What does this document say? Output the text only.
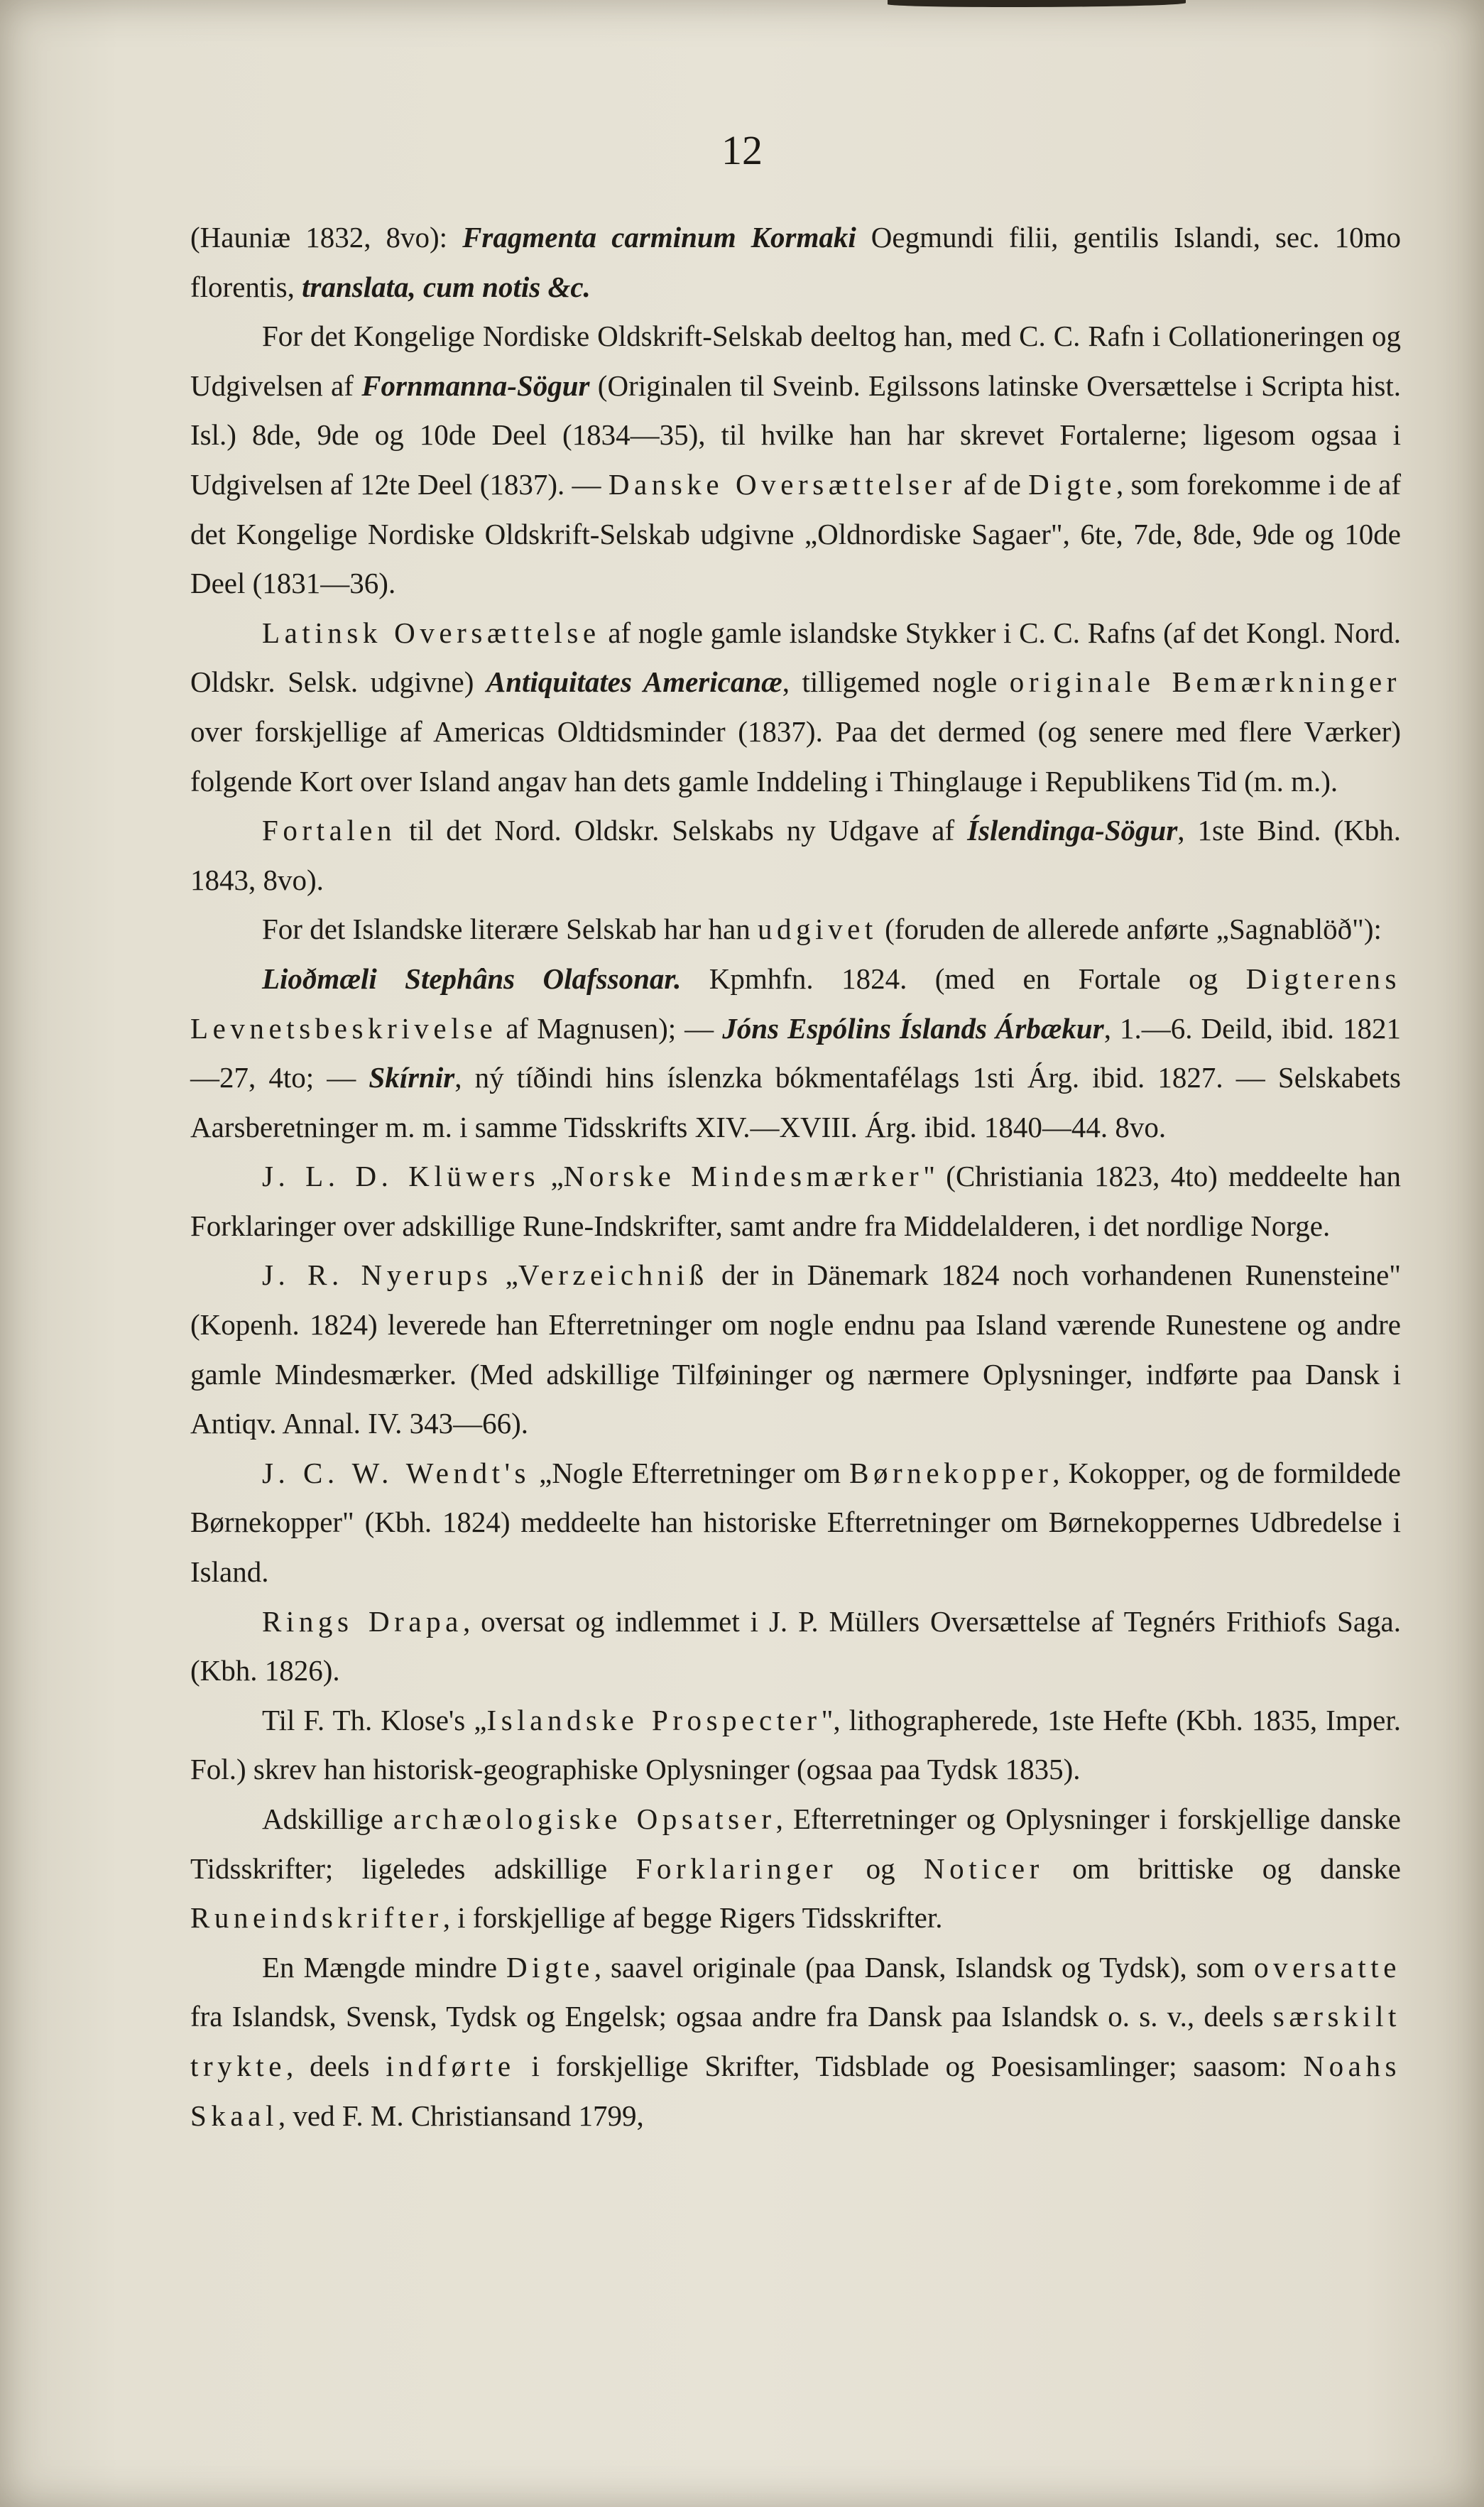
12

(Hauniæ 1832, 8vo): Fragmenta carminum Kormaki Oegmundi filii, gentilis Islandi, sec. 10mo florentis, translata, cum notis &c.

For det Kongelige Nordiske Oldskrift-Selskab deeltog han, med C. C. Rafn i Collationeringen og Udgivelsen af Fornmanna-Sögur (Originalen til Sveinb. Egilssons latinske Oversættelse i Scripta hist. Isl.) 8de, 9de og 10de Deel (1834—35), til hvilke han har skrevet Fortalerne; ligesom ogsaa i Udgivelsen af 12te Deel (1837). — Danske Oversættelser af de Digte, som forekomme i de af det Kongelige Nordiske Oldskrift-Selskab udgivne „Oldnordiske Sagaer", 6te, 7de, 8de, 9de og 10de Deel (1831—36).

Latinsk Oversættelse af nogle gamle islandske Stykker i C. C. Rafns (af det Kongl. Nord. Oldskr. Selsk. udgivne) Antiquitates Americanæ, tilligemed nogle originale Bemærkninger over forskjellige af Americas Oldtidsminder (1837). Paa det dermed (og senere med flere Værker) folgende Kort over Island angav han dets gamle Inddeling i Thinglauge i Republikens Tid (m. m.).

Fortalen til det Nord. Oldskr. Selskabs ny Udgave af Íslendinga-Sögur, 1ste Bind. (Kbh. 1843, 8vo).

For det Islandske literære Selskab har han udgivet (foruden de allerede anførte „Sagnablöð"):

Lioðmæli Stephâns Olafssonar. Kpmhfn. 1824. (med en Fortale og Digterens Levnetsbeskrivelse af Magnusen); — Jóns Espólins Íslands Árbækur, 1.—6. Deild, ibid. 1821—27, 4to; — Skírnir, ný tíðindi hins íslenzka bókmentafélags 1sti Árg. ibid. 1827. — Selskabets Aarsberetninger m. m. i samme Tidsskrifts XIV.—XVIII. Árg. ibid. 1840—44. 8vo.

J. L. D. Klüwers „Norske Mindesmærker" (Christiania 1823, 4to) meddeelte han Forklaringer over adskillige Rune-Indskrifter, samt andre fra Middelalderen, i det nordlige Norge.

J. R. Nyerups „Verzeichniß der in Dänemark 1824 noch vorhandenen Runensteine" (Kopenh. 1824) leverede han Efterretninger om nogle endnu paa Island værende Runestene og andre gamle Mindesmærker. (Med adskillige Tilføininger og nærmere Oplysninger, indførte paa Dansk i Antiqv. Annal. IV. 343—66).

J. C. W. Wendt's „Nogle Efterretninger om Børnekopper, Kokopper, og de formildede Børnekopper" (Kbh. 1824) meddeelte han historiske Efterretninger om Børnekoppernes Udbredelse i Island.

Rings Drapa, oversat og indlemmet i J. P. Müllers Oversættelse af Tegnérs Frithiofs Saga. (Kbh. 1826).

Til F. Th. Klose's „Islandske Prospecter", lithographerede, 1ste Hefte (Kbh. 1835, Imper. Fol.) skrev han historisk-geographiske Oplysninger (ogsaa paa Tydsk 1835).

Adskillige archæologiske Opsatser, Efterretninger og Oplysninger i forskjellige danske Tidsskrifter; ligeledes adskillige Forklaringer og Noticer om brittiske og danske Runeindskrifter, i forskjellige af begge Rigers Tidsskrifter.

En Mængde mindre Digte, saavel originale (paa Dansk, Islandsk og Tydsk), som oversatte fra Islandsk, Svensk, Tydsk og Engelsk; ogsaa andre fra Dansk paa Islandsk o. s. v., deels særskilt trykte, deels indførte i forskjellige Skrifter, Tidsblade og Poesisamlinger; saasom: Noahs Skaal, ved F. M. Christiansand 1799,
